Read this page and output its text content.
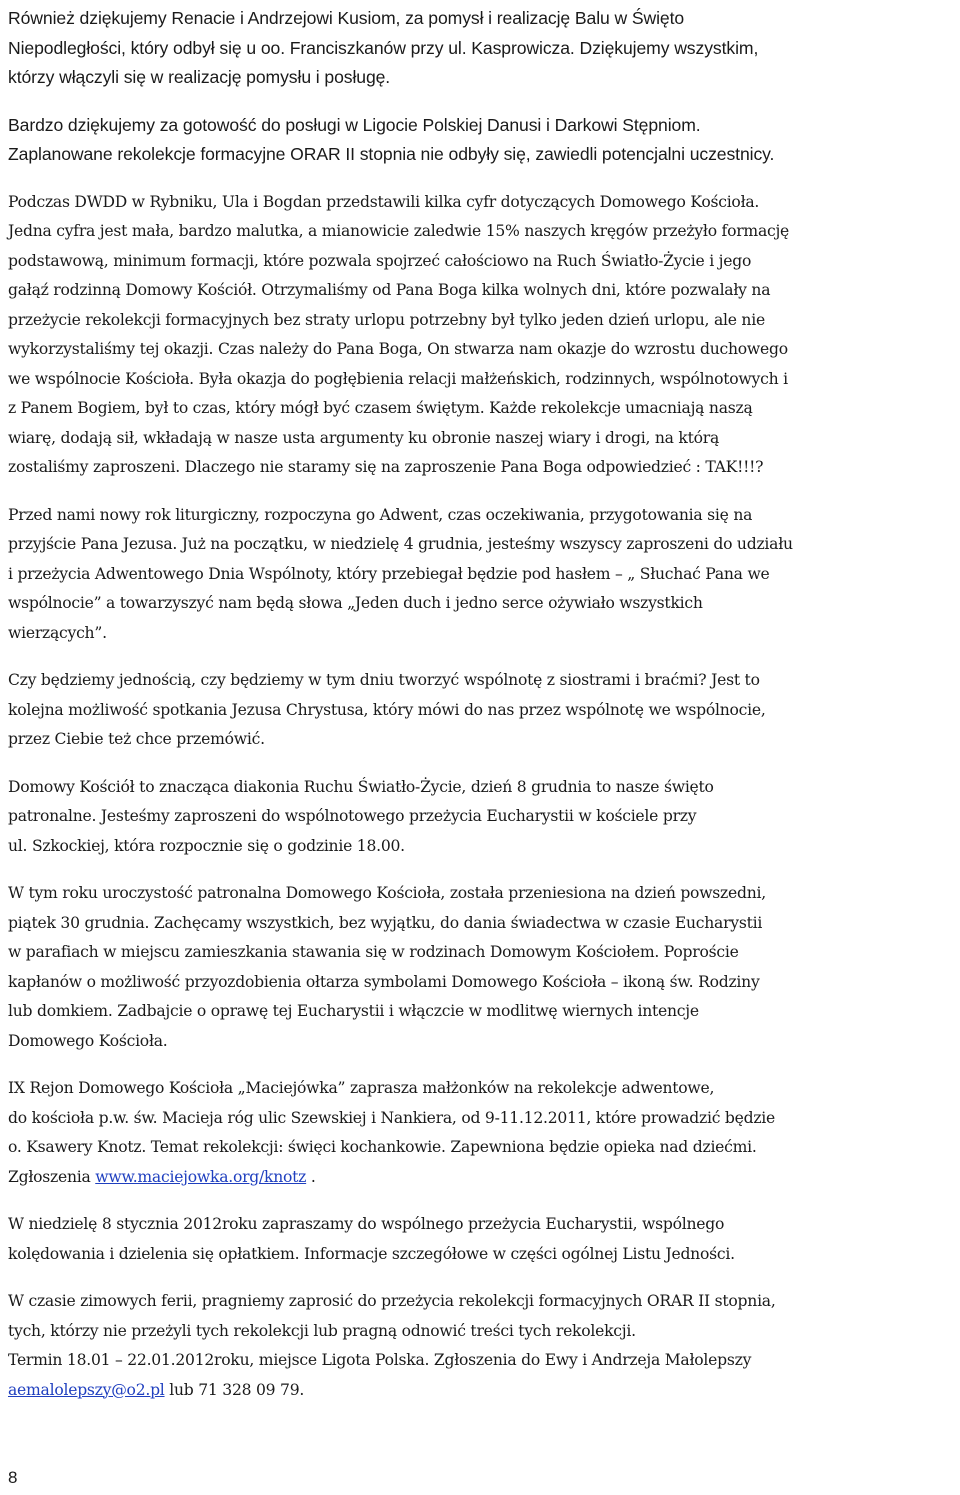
Również dziękujemy Renacie i Andrzejowi Kusiom, za pomysł i realizację Balu w Święto
Niepodległości, który odbył się u oo. Franciszkanów przy ul. Kasprowicza. Dziękujemy wszystkim,
którzy włączyli się w realizację pomysłu i posługę.
Bardzo dziękujemy za gotowość do posługi w Ligocie Polskiej Danusi i Darkowi Stępniom.
Zaplanowane rekolekcje formacyjne ORAR II stopnia nie odbyły się, zawiedli potencjalni uczestnicy.
Podczas DWDD w Rybniku, Ula i Bogdan przedstawili kilka cyfr dotyczących Domowego Kościoła.
Jedna cyfra jest mała, bardzo malutka, a mianowicie zaledwie 15% naszych kręgów przeżyło formację
podstawową, minimum formacji, które pozwala spojrzeć całościowo na Ruch Światło-Życie i jego
gałąź rodzinną Domowy Kościół. Otrzymaliśmy od Pana Boga kilka wolnych dni, które pozwalały na
przeżycie rekolekcji formacyjnych bez straty urlopu potrzebny był tylko jeden dzień urlopu, ale nie
wykorzystaliśmy tej okazji. Czas należy do Pana Boga, On stwarza nam okazje do wzrostu duchowego
we wspólnocie Kościoła. Była okazja do pogłębienia relacji małżeńskich, rodzinnych, wspólnotowych i
z Panem Bogiem, był to czas, który mógł być czasem świętym. Każde rekolekcje umacniają naszą
wiarę, dodają sił, wkładają w nasze usta argumenty ku obronie naszej wiary i drogi, na którą
zostaliśmy zaproszeni. Dlaczego nie staramy się na zaproszenie Pana Boga odpowiedzieć : TAK!!!?
Przed nami nowy rok liturgiczny, rozpoczyna go Adwent, czas oczekiwania, przygotowania się na
przyjście Pana Jezusa. Już na początku, w niedzielę 4 grudnia, jesteśmy wszyscy zaproszeni do udziału
i przeżycia Adwentowego Dnia Wspólnoty, który przebiegał będzie pod hasłem – „ Słuchać Pana we
wspólnocie” a towarzyszyć nam będą słowa „Jeden duch i jedno serce ożywiało wszystkich
wierzących”.
Czy będziemy jednością, czy będziemy w tym dniu tworzyć wspólnotę z siostrami i braćmi? Jest to
kolejna możliwość spotkania Jezusa Chrystusa, który mówi do nas przez wspólnotę we wspólnocie,
przez Ciebie też chce przemówić.
Domowy Kościół to znacząca diakonia Ruchu Światło-Życie, dzień 8 grudnia to nasze święto
patronalne. Jesteśmy zaproszeni do wspólnotowego przeżycia Eucharystii w kościele przy
ul. Szkockiej, która rozpocznie się o godzinie 18.00.
W tym roku uroczystość patronalna Domowego Kościoła, została przeniesiona na dzień powszedni,
piątek 30 grudnia. Zachęcamy wszystkich, bez wyjątku, do dania świadectwa w czasie Eucharystii
w parafiach w miejscu zamieszkania stawania się w rodzinach Domowym Kościołem. Poproście
kapłanów o możliwość przyozdobienia ołtarza symbolami Domowego Kościoła – ikoną św. Rodziny
lub domkiem. Zadbajcie o oprawę tej Eucharystii i włączcie w modlitwę wiernych intencje
Domowego Kościoła.
IX Rejon Domowego Kościoła „Maciejówka” zaprasza małżonków na rekolekcje adwentowe,
do kościoła p.w. św. Macieja róg ulic Szewskiej i Nankiera, od 9-11.12.2011, które prowadzić będzie
o. Ksawery Knotz. Temat rekolekcji: święci kochankowie. Zapewniona będzie opieka nad dziećmi.
Zgłoszenia www.maciejowka.org/knotz .
W niedzielę 8 stycznia 2012roku zapraszamy do wspólnego przeżycia Eucharystii, wspólnego
kolędowania i dzielenia się opłatkiem. Informacje szczegółowe w części ogólnej Listu Jedności.
W czasie zimowych ferii, pragniemy zaprosić do przeżycia rekolekcji formacyjnych ORAR II stopnia,
tych, którzy nie przeżyli tych rekolekcji lub pragną odnowić treści tych rekolekcji.
Termin 18.01 – 22.01.2012roku, miejsce Ligota Polska. Zgłoszenia do Ewy i Andrzeja Małolepszy
aemalolepszy@o2.pl lub 71 328 09 79.
8
